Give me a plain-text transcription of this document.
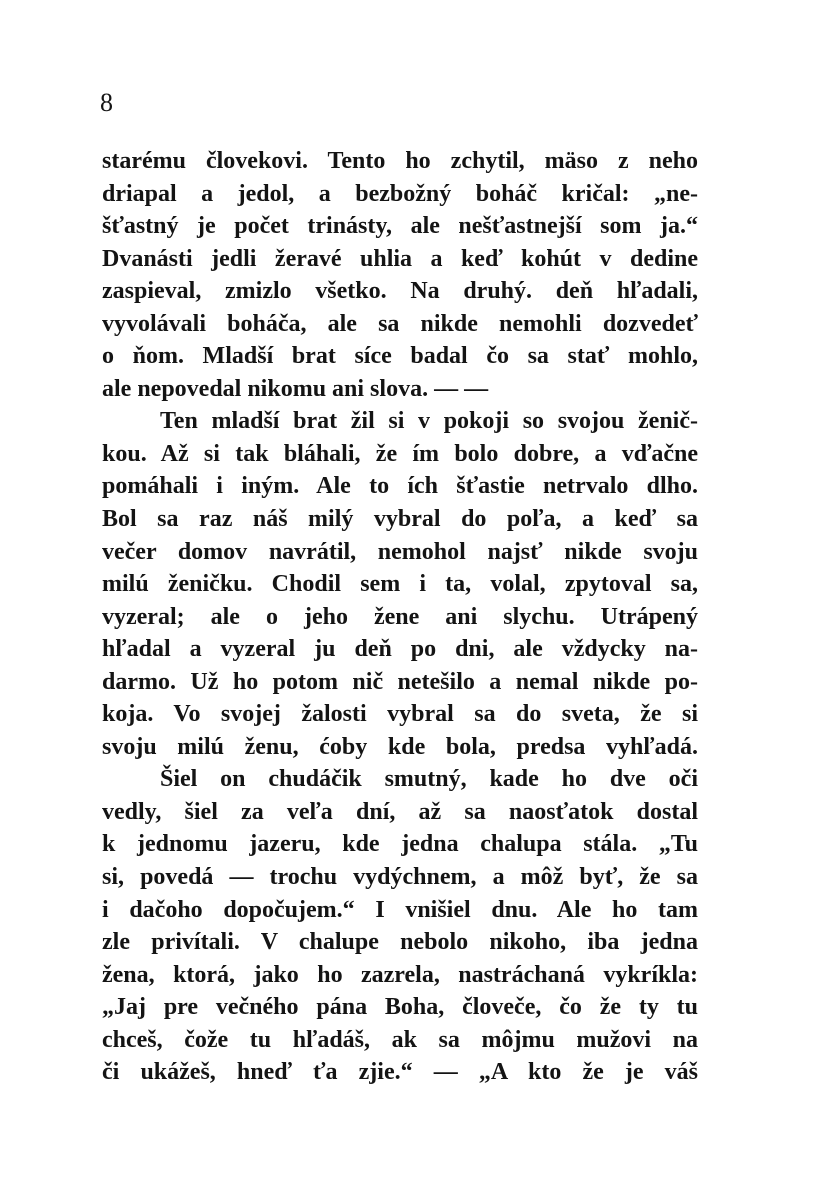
8
starému človekovi. Tento ho zchytil, mäso z neho
driapal a jedol, a bezbožný boháč kričal: „ne-
šťastný je počet trinásty, ale nešťastnejší som ja.“
Dvanásti jedli žeravé uhlia a keď kohút v dedine
zaspieval, zmizlo všetko. Na druhý. deň hľadali,
vyvolávali boháča, ale sa nikde nemohli dozvedeť
o ňom. Mladší brat síce badal čo sa stať mohlo,
ale nepovedal nikomu ani slova. — —
Ten mladší brat žil si v pokoji so svojou ženič-
kou. Až si tak bláhali, že ím bolo dobre, a vďačne
pomáhali i iným. Ale to ích šťastie netrvalo dlho.
Bol sa raz náš milý vybral do poľa, a keď sa
večer domov navrátil, nemohol najsť nikde svoju
milú ženičku. Chodil sem i ta, volal, zpytoval sa,
vyzeral; ale o jeho žene ani slychu. Utrápený
hľadal a vyzeral ju deň po dni, ale vždycky na-
darmo. Už ho potom nič netešilo a nemal nikde po-
koja. Vo svojej žalosti vybral sa do sveta, že si
svoju milú ženu, ćoby kde bola, predsa vyhľadá.
Šiel on chudáčik smutný, kade ho dve oči
vedly, šiel za veľa dní, až sa naosťatok dostal
k jednomu jazeru, kde jedna chalupa stála. „Tu
si, povedá — trochu vydýchnem, a môž byť, že sa
i dačoho dopočujem.“ I vnišiel dnu. Ale ho tam
zle privítali. V chalupe nebolo nikoho, iba jedna
žena, ktorá, jako ho zazrela, nastráchaná vykríkla:
„Jaj pre večného pána Boha, človeče, čo že ty tu
chceš, čože tu hľadáš, ak sa môjmu mužovi na
či ukážeš, hneď ťa zjie.“ — „A kto že je váš
